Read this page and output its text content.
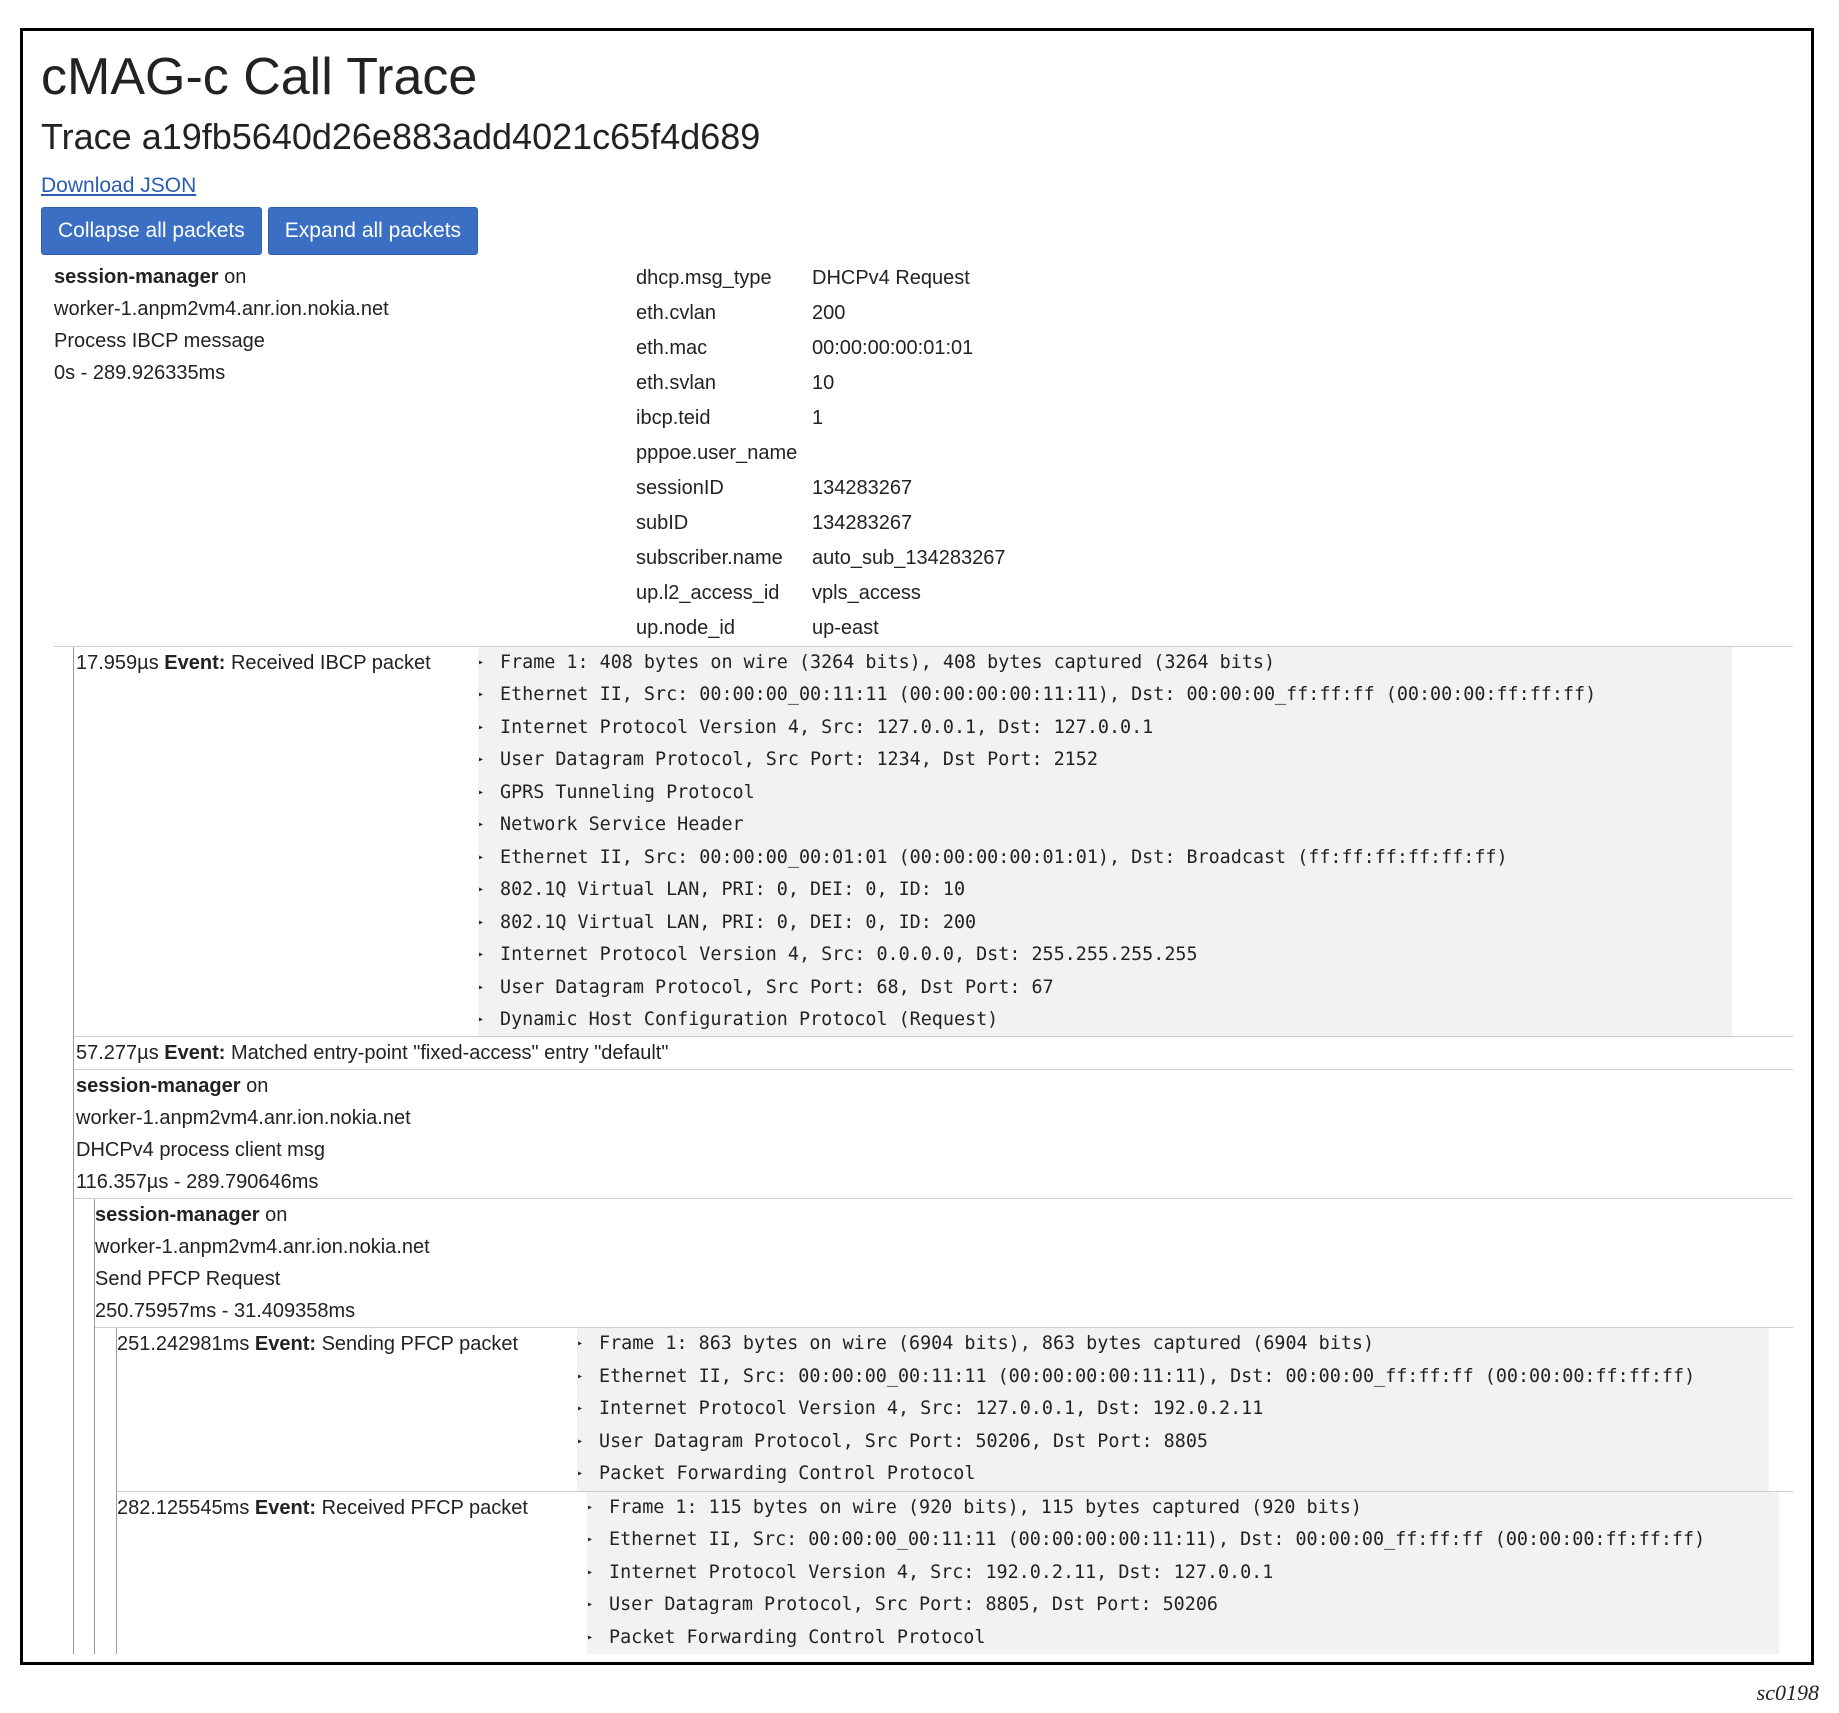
cMAG-c Call Trace
Trace a19fb5640d26e883add4021c65f4d689
Download JSON
Collapse all packets	Expand all packets
session-manager on
worker-1.anpm2vm4.anr.ion.nokia.net
Process IBCP message
0s - 289.926335ms
dhcp.msg_type	DHCPv4 Request
eth.cvlan	200
eth.mac	00:00:00:00:01:01
eth.svlan	10
ibcp.teid	1
pppoe.user_name
sessionID	134283267
subID	134283267
subscriber.name	auto_sub_134283267
up.l2_access_id	vpls_access
up.node_id	up-east
17.959µs Event: Received IBCP packet	▸ Frame 1: 408 bytes on wire (3264 bits), 408 bytes captured (3264 bits)
▸ Ethernet II, Src: 00:00:00_00:11:11 (00:00:00:00:11:11), Dst: 00:00:00_ff:ff:ff (00:00:00:ff:ff:ff)
▸ Internet Protocol Version 4, Src: 127.0.0.1, Dst: 127.0.0.1
▸ User Datagram Protocol, Src Port: 1234, Dst Port: 2152
▸ GPRS Tunneling Protocol
▸ Network Service Header
▸ Ethernet II, Src: 00:00:00_00:01:01 (00:00:00:00:01:01), Dst: Broadcast (ff:ff:ff:ff:ff:ff)
▸ 802.1Q Virtual LAN, PRI: 0, DEI: 0, ID: 10
▸ 802.1Q Virtual LAN, PRI: 0, DEI: 0, ID: 200
▸ Internet Protocol Version 4, Src: 0.0.0.0, Dst: 255.255.255.255
▸ User Datagram Protocol, Src Port: 68, Dst Port: 67
▸ Dynamic Host Configuration Protocol (Request)
57.277µs Event: Matched entry-point "fixed-access" entry "default"
session-manager on
worker-1.anpm2vm4.anr.ion.nokia.net
DHCPv4 process client msg
116.357µs - 289.790646ms
session-manager on
worker-1.anpm2vm4.anr.ion.nokia.net
Send PFCP Request
250.75957ms - 31.409358ms
251.242981ms Event: Sending PFCP packet	▸ Frame 1: 863 bytes on wire (6904 bits), 863 bytes captured (6904 bits)
▸ Ethernet II, Src: 00:00:00_00:11:11 (00:00:00:00:11:11), Dst: 00:00:00_ff:ff:ff (00:00:00:ff:ff:ff)
▸ Internet Protocol Version 4, Src: 127.0.0.1, Dst: 192.0.2.11
▸ User Datagram Protocol, Src Port: 50206, Dst Port: 8805
▸ Packet Forwarding Control Protocol
282.125545ms Event: Received PFCP packet	▸ Frame 1: 115 bytes on wire (920 bits), 115 bytes captured (920 bits)
▸ Ethernet II, Src: 00:00:00_00:11:11 (00:00:00:00:11:11), Dst: 00:00:00_ff:ff:ff (00:00:00:ff:ff:ff)
▸ Internet Protocol Version 4, Src: 192.0.2.11, Dst: 127.0.0.1
▸ User Datagram Protocol, Src Port: 8805, Dst Port: 50206
▸ Packet Forwarding Control Protocol
sc0198
